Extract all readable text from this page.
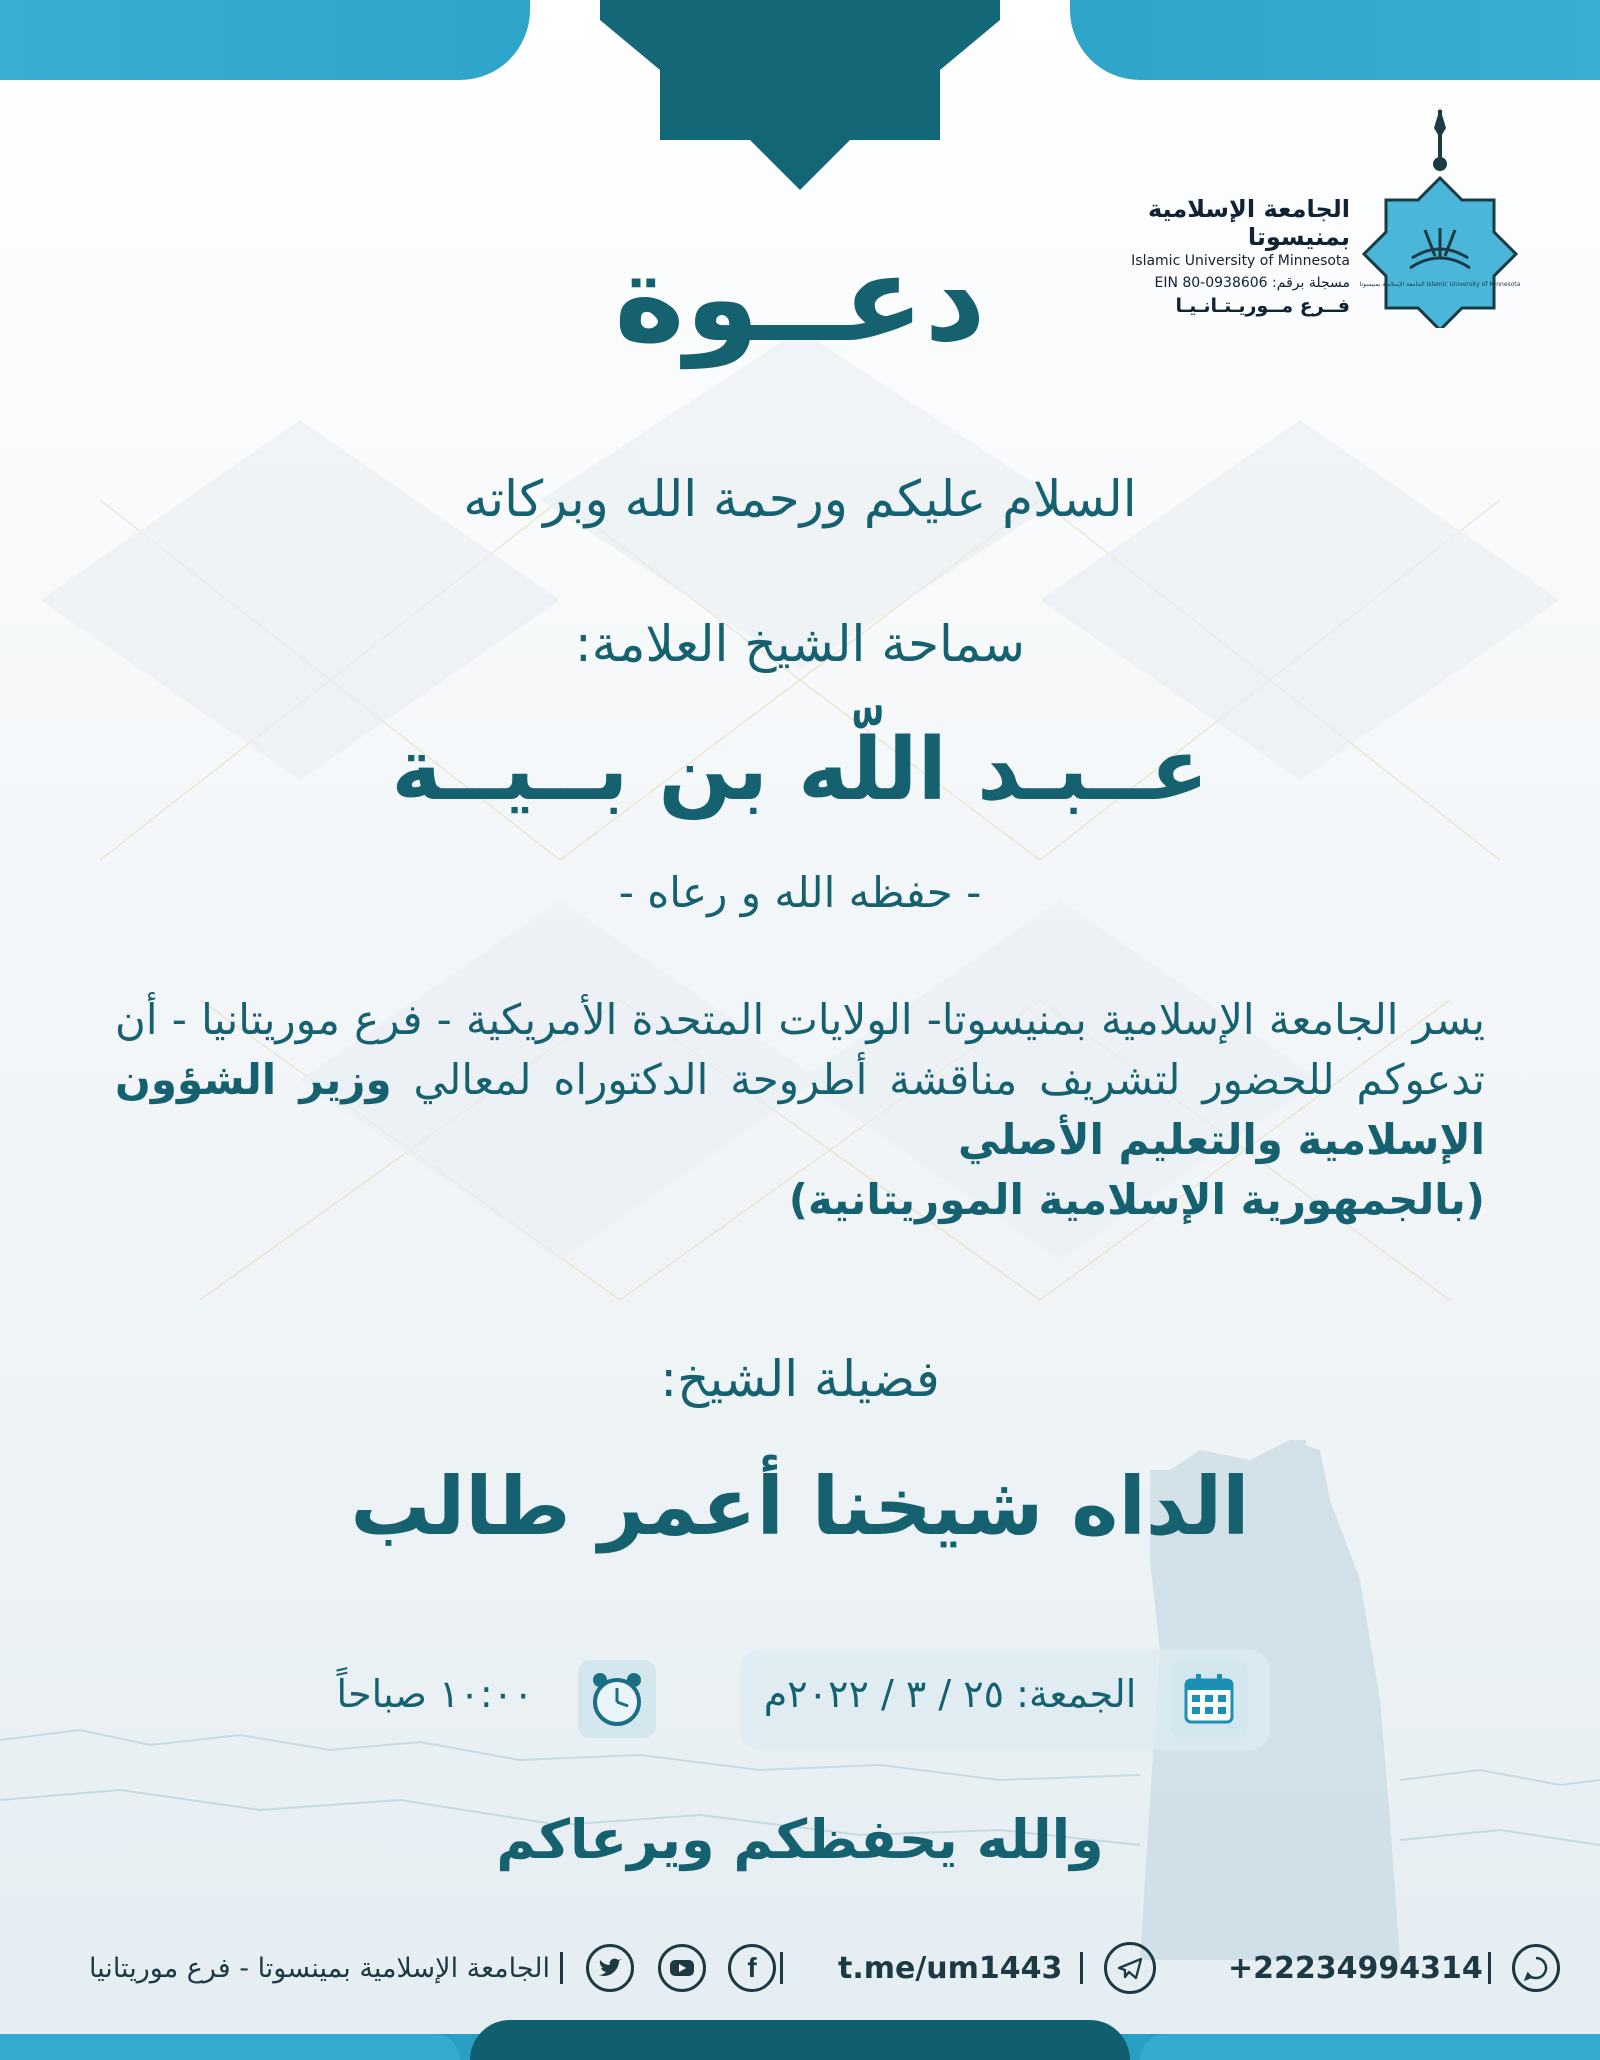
الجامعة الإسلامية بمنيسوتا
Islamic University of Minnesota
EIN 80-0938606 :مسجلة برقم
فــرع مــوريـتـانـيـا
الجامعة الإسلامية بمنيسوتا Islamic University of Minnesota
دعــوة
السلام عليكم ورحمة الله وبركاته
سماحة الشيخ العلامة:
عــبـد اللّه بن بــيــة
- حفظه الله و رعاه -
يسر الجامعة الإسلامية بمنيسوتا- الولايات المتحدة الأمريكية - فرع موريتانيا - أن تدعوكم للحضور لتشريف مناقشة أطروحة الدكتوراه لمعالي وزير الشؤون الإسلامية والتعليم الأصلي

(بالجمهورية الإسلامية الموريتانية)
فضيلة الشيخ:
الداه شيخنا أعمر طالب
الجمعة: ٢٥ / ٣ / ٢٠٢٢م
١٠:٠٠ صباحاً
والله يحفظكم ويرعاكم
+22234994314
t.me/um1443
f
الجامعة الإسلامية بمينسوتا - فرع موريتانيا
